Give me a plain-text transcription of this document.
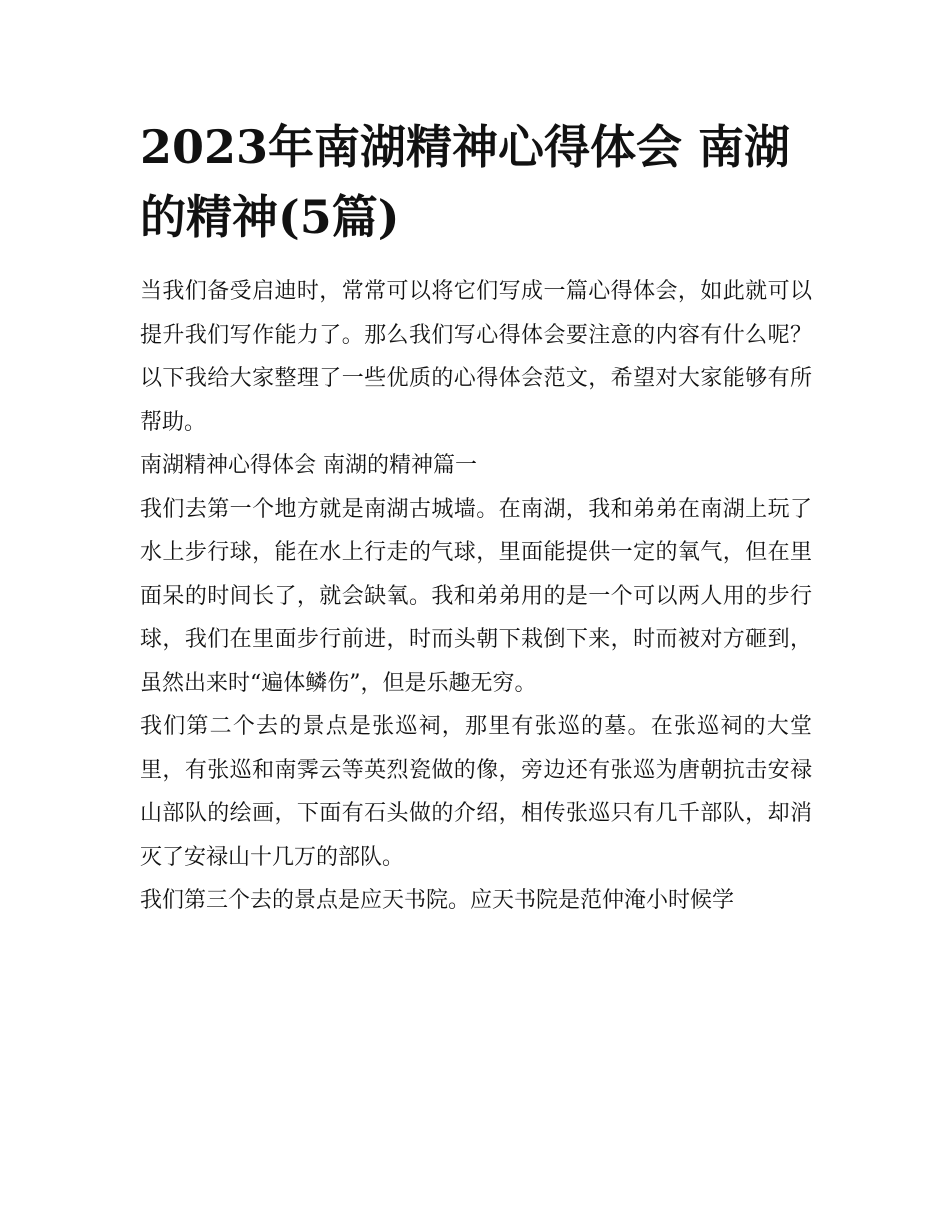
2023年南湖精神心得体会 南湖的精神(5篇)

当我们备受启迪时，常常可以将它们写成一篇心得体会，如此就可以提升我们写作能力了。那么我们写心得体会要注意的内容有什么呢？以下我给大家整理了一些优质的心得体会范文，希望对大家能够有所帮助。

南湖精神心得体会 南湖的精神篇一

我们去第一个地方就是南湖古城墙。在南湖，我和弟弟在南湖上玩了水上步行球，能在水上行走的气球，里面能提供一定的氧气，但在里面呆的时间长了，就会缺氧。我和弟弟用的是一个可以两人用的步行球，我们在里面步行前进，时而头朝下栽倒下来，时而被对方砸到，虽然出来时“遍体鳞伤”，但是乐趣无穷。

我们第二个去的景点是张巡祠，那里有张巡的墓。在张巡祠的大堂里，有张巡和南霁云等英烈瓷做的像，旁边还有张巡为唐朝抗击安禄山部队的绘画，下面有石头做的介绍，相传张巡只有几千部队，却消灭了安禄山十几万的部队。

我们第三个去的景点是应天书院。应天书院是范仲淹小时候学
